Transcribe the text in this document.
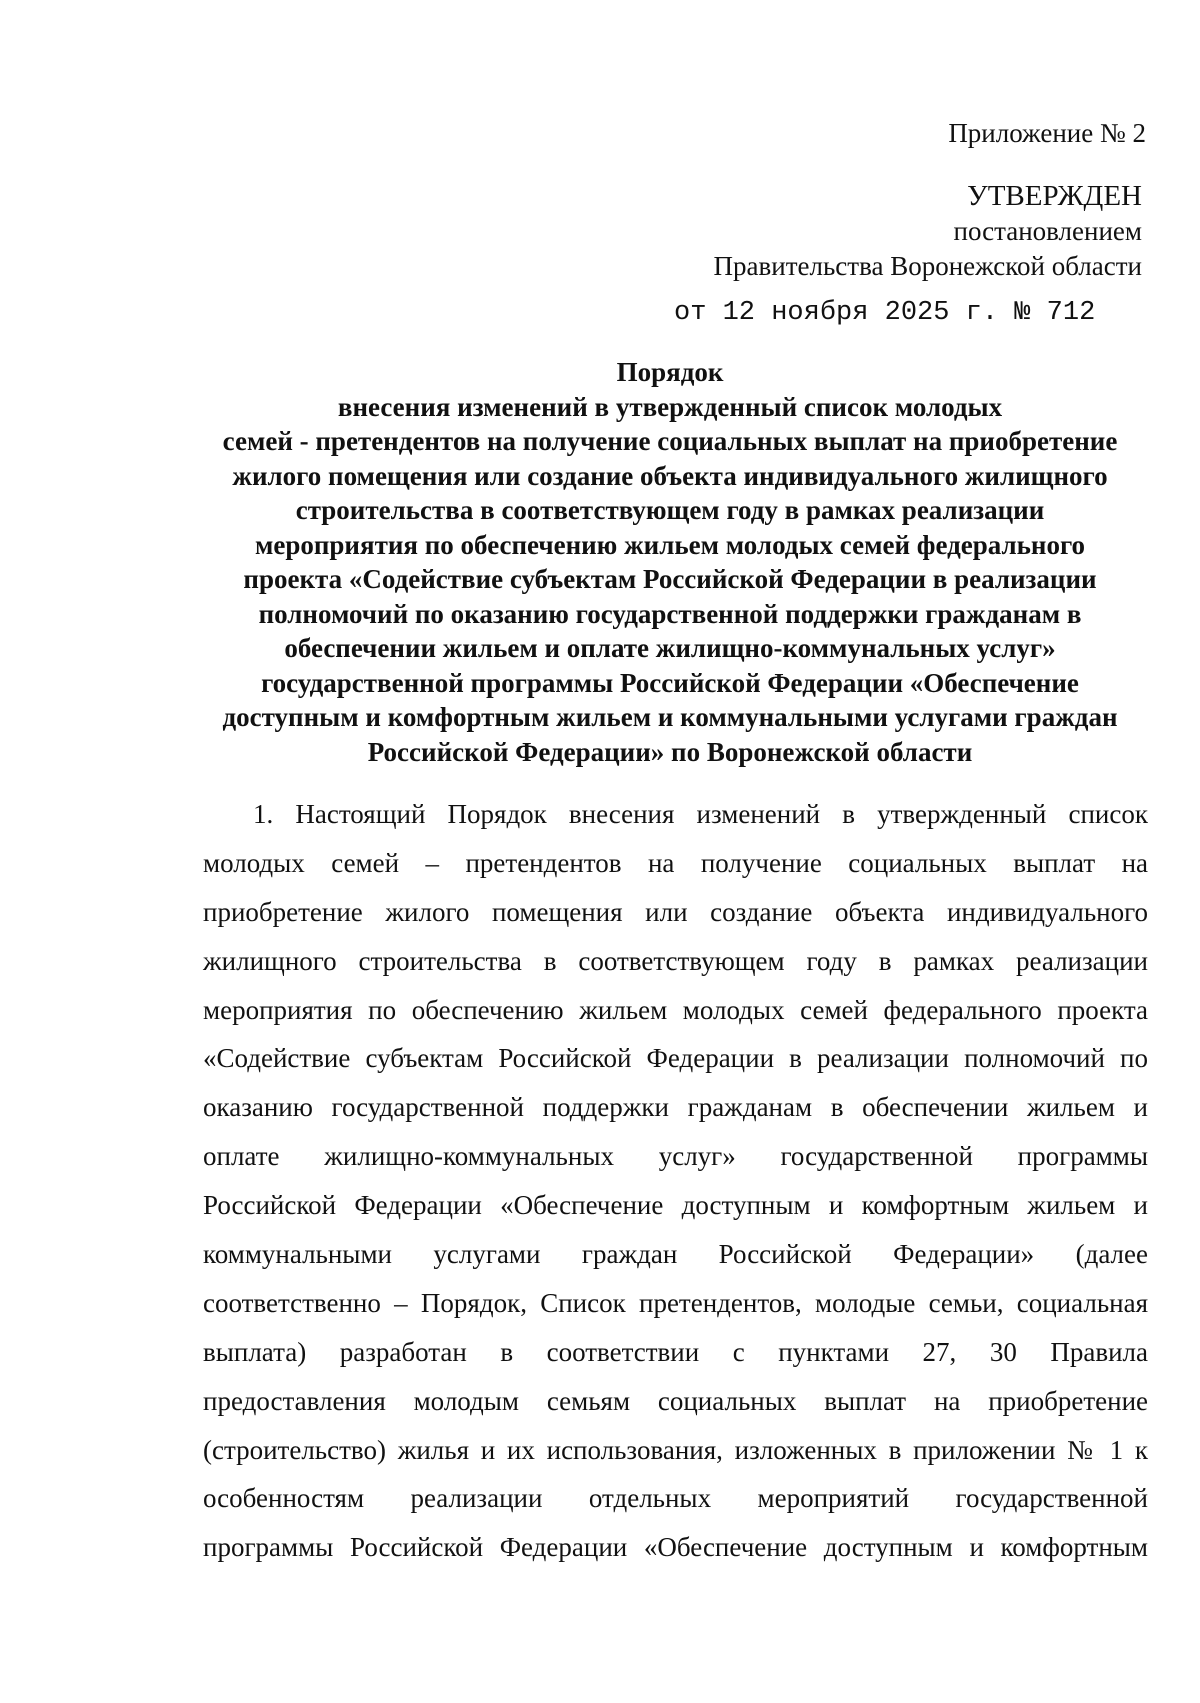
Приложение № 2
УТВЕРЖДЕН
постановлением
Правительства Воронежской области
от 12 ноября 2025 г. № 712
Порядок
внесения изменений в утвержденный список молодых
семей - претендентов на получение социальных выплат на приобретение
жилого помещения или создание объекта индивидуального жилищного
строительства в соответствующем году в рамках реализации
мероприятия по обеспечению жильем молодых семей федерального
проекта «Содействие субъектам Российской Федерации в реализации
полномочий по оказанию государственной поддержки гражданам в
обеспечении жильем и оплате жилищно-коммунальных услуг»
государственной программы Российской Федерации «Обеспечение
доступным и комфортным жильем и коммунальными услугами граждан
Российской Федерации» по Воронежской области
1. Настоящий Порядок внесения изменений в утвержденный список
молодых семей – претендентов на получение социальных выплат на
приобретение жилого помещения или создание объекта индивидуального
жилищного строительства в соответствующем году в рамках реализации
мероприятия по обеспечению жильем молодых семей федерального проекта
«Содействие субъектам Российской Федерации в реализации полномочий по
оказанию государственной поддержки гражданам в обеспечении жильем и
оплате жилищно-коммунальных услуг» государственной программы
Российской Федерации «Обеспечение доступным и комфортным жильем и
коммунальными услугами граждан Российской Федерации» (далее
соответственно – Порядок, Список претендентов, молодые семьи, социальная
выплата) разработан в соответствии с пунктами 27, 30 Правила
предоставления молодым семьям социальных выплат на приобретение
(строительство) жилья и их использования, изложенных в приложении № 1 к
особенностям реализации отдельных мероприятий государственной
программы Российской Федерации «Обеспечение доступным и комфортным
